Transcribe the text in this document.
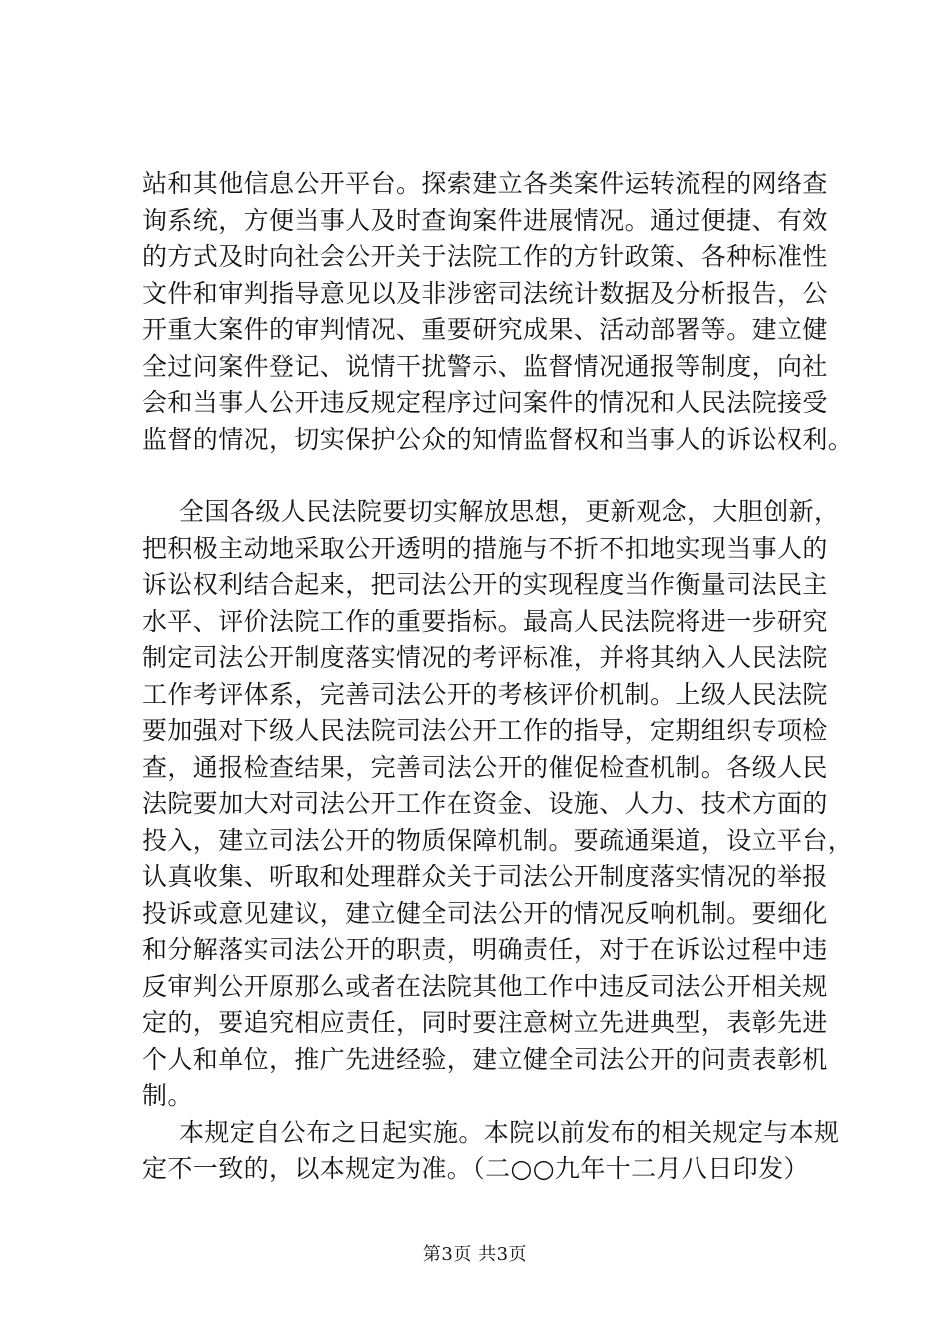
站和其他信息公开平台。探索建立各类案件运转流程的网络查
询系统，方便当事人及时查询案件进展情况。通过便捷、有效
的方式及时向社会公开关于法院工作的方针政策、各种标准性
文件和审判指导意见以及非涉密司法统计数据及分析报告，公
开重大案件的审判情况、重要研究成果、活动部署等。建立健
全过问案件登记、说情干扰警示、监督情况通报等制度，向社
会和当事人公开违反规定程序过问案件的情况和人民法院接受
监督的情况，切实保护公众的知情监督权和当事人的诉讼权利。
全国各级人民法院要切实解放思想，更新观念，大胆创新，
把积极主动地采取公开透明的措施与不折不扣地实现当事人的
诉讼权利结合起来，把司法公开的实现程度当作衡量司法民主
水平、评价法院工作的重要指标。最高人民法院将进一步研究
制定司法公开制度落实情况的考评标准，并将其纳入人民法院
工作考评体系，完善司法公开的考核评价机制。上级人民法院
要加强对下级人民法院司法公开工作的指导，定期组织专项检
查，通报检查结果，完善司法公开的催促检查机制。各级人民
法院要加大对司法公开工作在资金、设施、人力、技术方面的
投入，建立司法公开的物质保障机制。要疏通渠道，设立平台，
认真收集、听取和处理群众关于司法公开制度落实情况的举报
投诉或意见建议，建立健全司法公开的情况反响机制。要细化
和分解落实司法公开的职责，明确责任，对于在诉讼过程中违
反审判公开原那么或者在法院其他工作中违反司法公开相关规
定的，要追究相应责任，同时要注意树立先进典型，表彰先进
个人和单位，推广先进经验，建立健全司法公开的问责表彰机
制。
本规定自公布之日起实施。本院以前发布的相关规定与本规
定不一致的，以本规定为准。（二○○九年十二月八日印发）
第3页 共3页
